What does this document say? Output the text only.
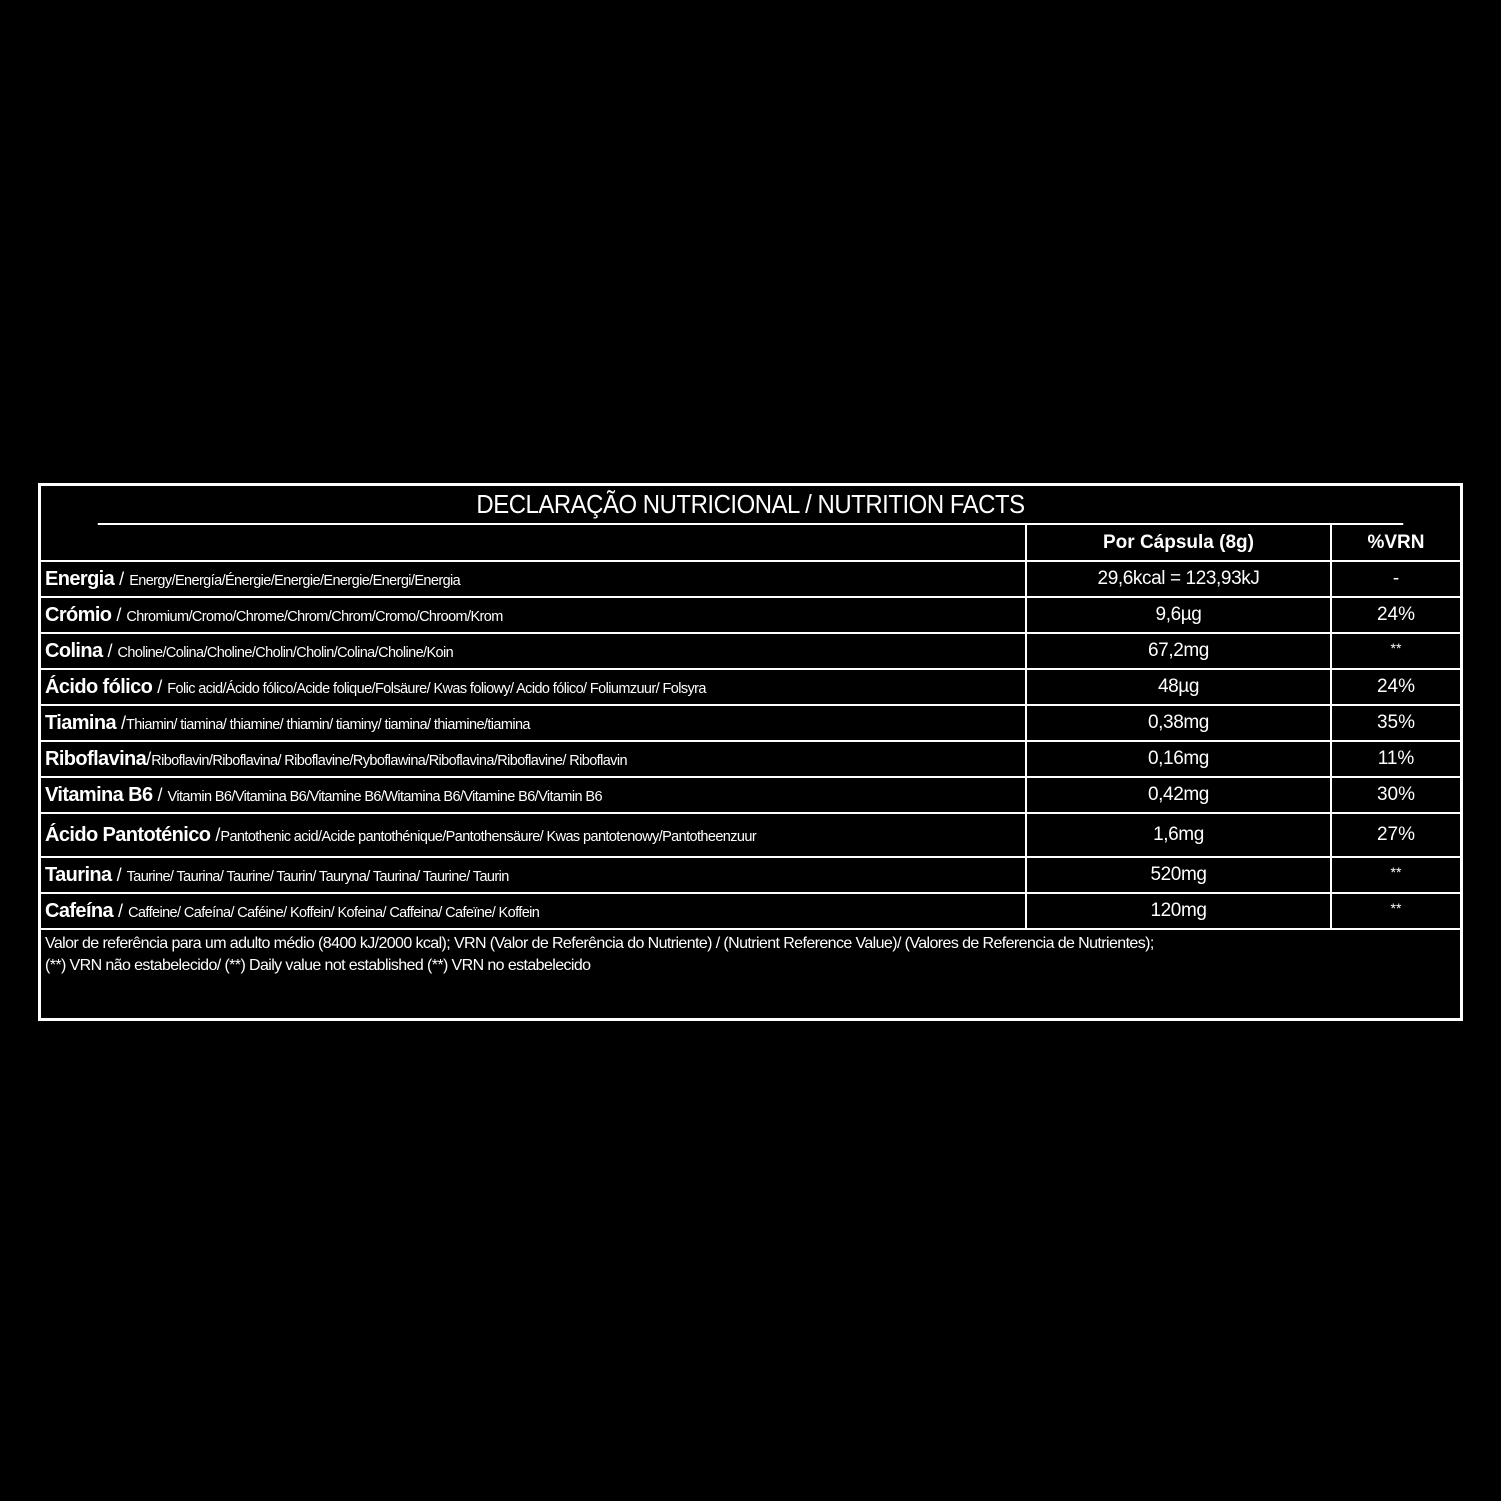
DECLARAÇÃO NUTRICIONAL / NUTRITION FACTS
	Por Cápsula (8g)	%VRN
Energia / Energy/Energía/Énergie/Energie/Energie/Energi/Energia	29,6kcal = 123,93kJ	-
Crómio / Chromium/Cromo/Chrome/Chrom/Chrom/Cromo/Chroom/Krom	9,6µg	24%
Colina / Choline/Colina/Choline/Cholin/Cholin/Colina/Choline/Koin	67,2mg	**
Ácido fólico / Folic acid/Ácido fólico/Acide folique/Folsäure/ Kwas foliowy/ Acido fólico/ Foliumzuur/ Folsyra	48µg	24%
Tiamina /Thiamin/ tiamina/ thiamine/ thiamin/ tiaminy/ tiamina/ thiamine/tiamina	0,38mg	35%
Riboflavina/Riboflavin/Riboflavina/ Riboflavine/Ryboflawina/Riboflavina/Riboflavine/ Riboflavin	0,16mg	11%
Vitamina B6 / Vitamin B6/Vitamina B6/Vitamine B6/Witamina B6/Vitamine B6/Vitamin B6	0,42mg	30%
Ácido Pantoténico /Pantothenic acid/Acide pantothénique/Pantothensäure/ Kwas pantotenowy/Pantotheenzuur	1,6mg	27%
Taurina / Taurine/ Taurina/ Taurine/ Taurin/ Tauryna/ Taurina/ Taurine/ Taurin	520mg	**
Cafeína / Caffeine/ Cafeína/ Caféine/ Koffein/ Kofeina/ Caffeina/ Cafeïne/ Koffein	120mg	**
Valor de referência para um adulto médio (8400 kJ/2000 kcal); VRN (Valor de Referência do Nutriente) / (Nutrient Reference Value)/ (Valores de Referencia de Nutrientes);
(**) VRN não estabelecido/ (**) Daily value not established (**) VRN no estabelecido
